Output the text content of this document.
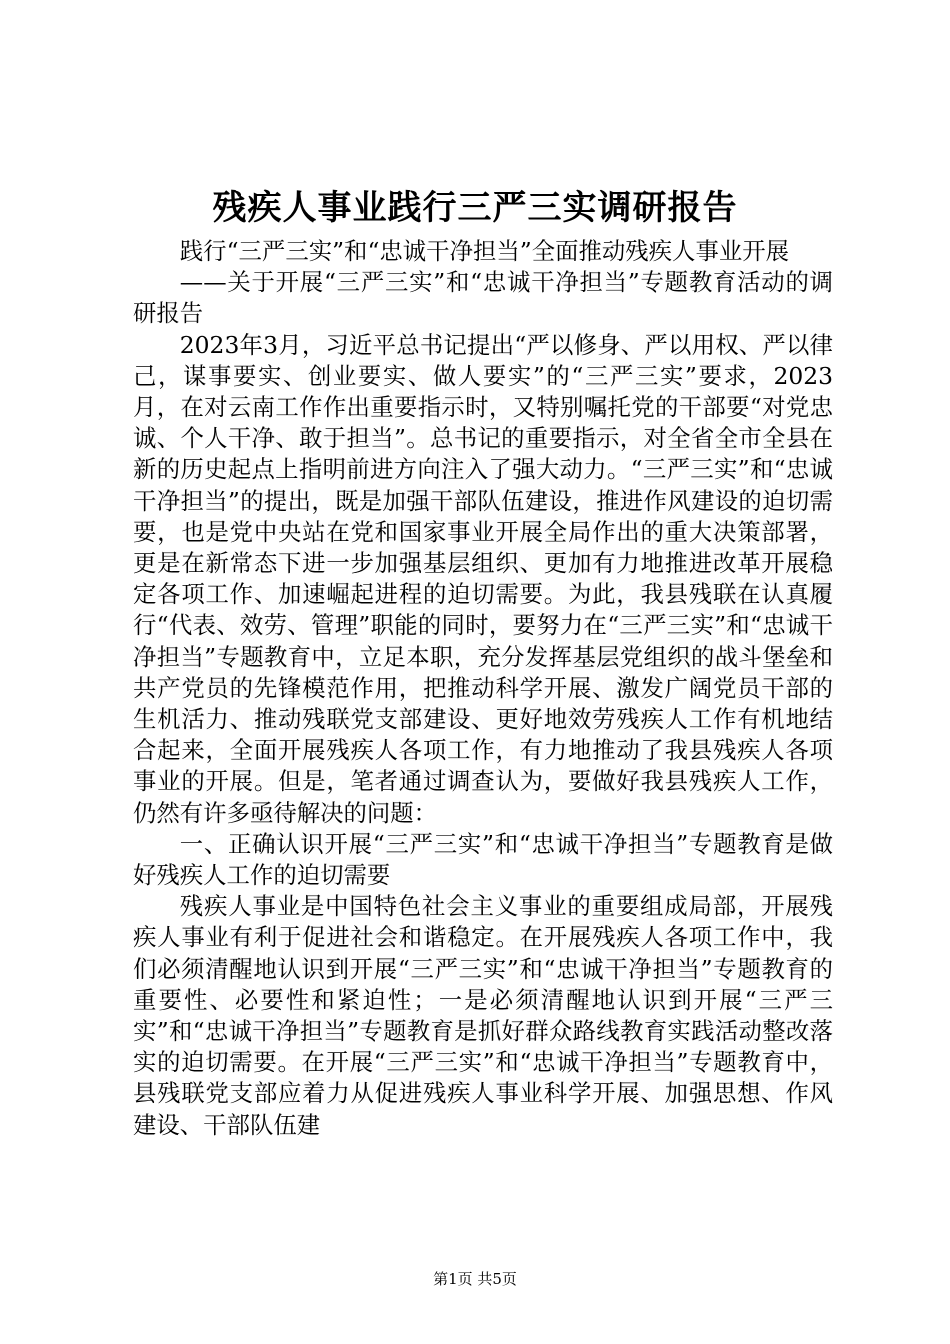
残疾人事业践行三严三实调研报告

践行“三严三实”和“忠诚干净担当”全面推动残疾人事业开展

——关于开展“三严三实”和“忠诚干净担当”专题教育活动的调研报告

2023年3月，习近平总书记提出“严以修身、严以用权、严以律己，谋事要实、创业要实、做人要实”的“三严三实”要求，2023月，在对云南工作作出重要指示时，又特别嘱托党的干部要“对党忠诚、个人干净、敢于担当”。总书记的重要指示，对全省全市全县在新的历史起点上指明前进方向注入了强大动力。“三严三实”和“忠诚干净担当”的提出，既是加强干部队伍建设，推进作风建设的迫切需要，也是党中央站在党和国家事业开展全局作出的重大决策部署，更是在新常态下进一步加强基层组织、更加有力地推进改革开展稳定各项工作、加速崛起进程的迫切需要。为此，我县残联在认真履行“代表、效劳、管理”职能的同时，要努力在“三严三实”和“忠诚干净担当”专题教育中，立足本职，充分发挥基层党组织的战斗堡垒和共产党员的先锋模范作用，把推动科学开展、激发广阔党员干部的生机活力、推动残联党支部建设、更好地效劳残疾人工作有机地结合起来，全面开展残疾人各项工作，有力地推动了我县残疾人各项事业的开展。但是，笔者通过调查认为，要做好我县残疾人工作，仍然有许多亟待解决的问题：

一、正确认识开展“三严三实”和“忠诚干净担当”专题教育是做好残疾人工作的迫切需要

残疾人事业是中国特色社会主义事业的重要组成局部，开展残疾人事业有利于促进社会和谐稳定。在开展残疾人各项工作中，我们必须清醒地认识到开展“三严三实”和“忠诚干净担当”专题教育的重要性、必要性和紧迫性；一是必须清醒地认识到开展“三严三实”和“忠诚干净担当”专题教育是抓好群众路线教育实践活动整改落实的迫切需要。在开展“三严三实”和“忠诚干净担当”专题教育中，县残联党支部应着力从促进残疾人事业科学开展、加强思想、作风建设、干部队伍建

第1页 共5页
